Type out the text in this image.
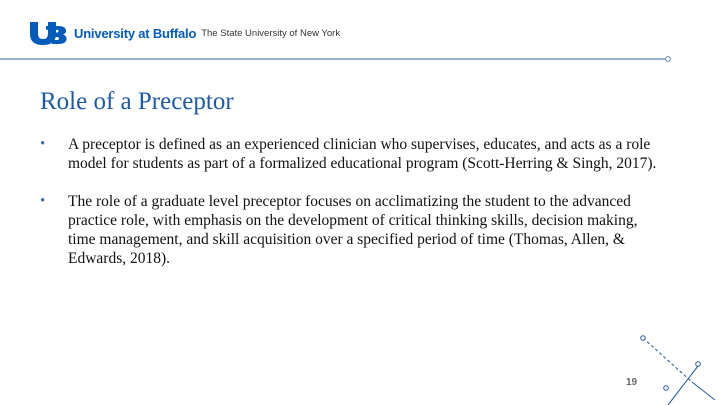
University at Buffalo The State University of New York
Role of a Preceptor
•	A preceptor is defined as an experienced clinician who supervises, educates, and acts as a role model for students as part of a formalized educational program (Scott-Herring & Singh, 2017).
•	The role of a graduate level preceptor focuses on acclimatizing the student to the advanced practice role, with emphasis on the development of critical thinking skills, decision making, time management, and skill acquisition over a specified period of time (Thomas, Allen, & Edwards, 2018).
19
